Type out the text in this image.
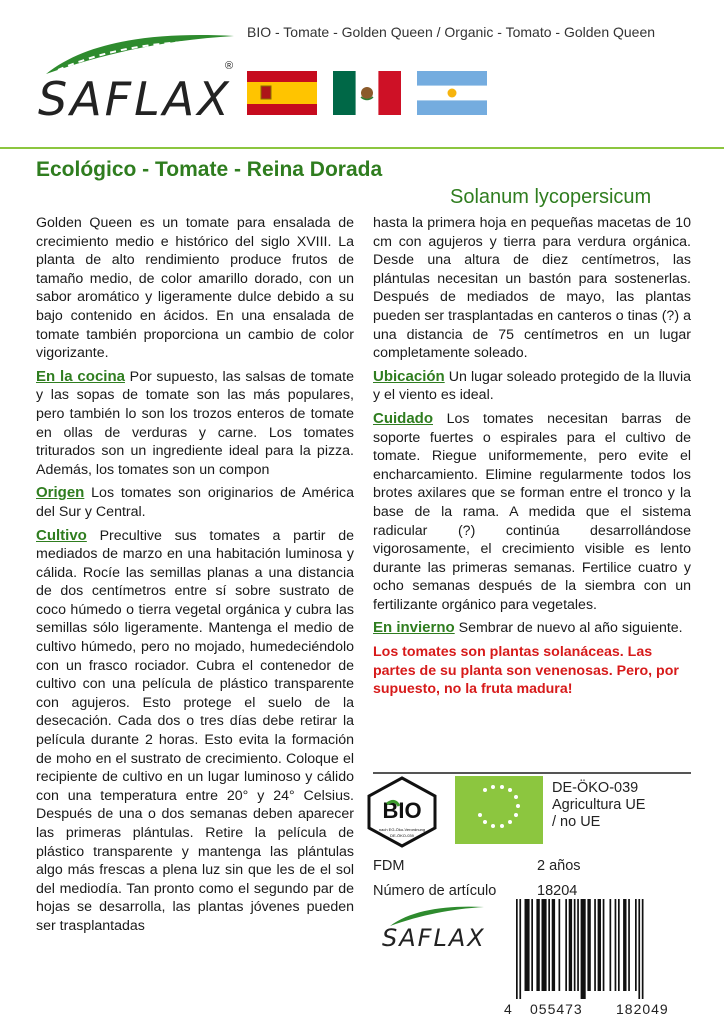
SAFLAX
®
BIO - Tomate - Golden Queen / Organic - Tomato - Golden Queen
Ecológico - Tomate - Reina Dorada
Solanum lycopersicum

Golden Queen es un tomate para ensalada de crecimiento medio e histórico del siglo XVIII. La planta de alto rendimiento produce frutos de tamaño medio, de color amarillo dorado, con un sabor aromático y ligeramente dulce debido a su bajo contenido en ácidos. En una ensalada de tomate también proporciona un cambio de color vigorizante.

En la cocina Por supuesto, las salsas de tomate y las sopas de tomate son las más populares, pero también lo son los trozos enteros de tomate en ollas de verduras y carne. Los tomates triturados son un ingrediente ideal para la pizza. Además, los tomates son un compon

Origen Los tomates son originarios de América del Sur y Central.

Cultivo Precultive sus tomates a partir de mediados de marzo en una habitación luminosa y cálida. Rocíe las semillas planas a una distancia de dos centímetros entre sí sobre sustrato de coco húmedo o tierra vegetal orgánica y cubra las semillas sólo ligeramente. Mantenga el medio de cultivo húmedo, pero no mojado, humedeciéndolo con un frasco rociador. Cubra el contenedor de cultivo con una película de plástico transparente con agujeros. Esto protege el suelo de la desecación. Cada dos o tres días debe retirar la película durante 2 horas. Esto evita la formación de moho en el sustrato de crecimiento. Coloque el recipiente de cultivo en un lugar luminoso y cálido con una temperatura entre 20° y 24° Celsius. Después de una o dos semanas deben aparecer las primeras plántulas. Retire la película de plástico transparente y mantenga las plántulas algo más frescas a plena luz sin que les de el sol del mediodía. Tan pronto como el segundo par de hojas se desarrolla, las plantas jóvenes pueden ser trasplantadas

hasta la primera hoja en pequeñas macetas de 10 cm con agujeros y tierra para verdura orgánica. Desde una altura de diez centímetros, las plántulas necesitan un bastón para sostenerlas. Después de mediados de mayo, las plantas pueden ser trasplantadas en canteros o tinas (?) a una distancia de 75 centímetros en un lugar completamente soleado.

Ubicación Un lugar soleado protegido de la lluvia y el viento es ideal.

Cuidado Los tomates necesitan barras de soporte fuertes o espirales para el cultivo de tomate. Riegue uniformemente, pero evite el encharcamiento. Elimine regularmente todos los brotes axilares que se forman entre el tronco y la base de la rama. A medida que el sistema radicular (?) continúa desarrollándose vigorosamente, el crecimiento visible es lento durante las primeras semanas. Fertilice cuatro y ocho semanas después de la siembra con un fertilizante orgánico para vegetales.

En invierno Sembrar de nuevo al año siguiente.

Los tomates son plantas solanáceas. Las partes de su planta son venenosas. Pero, por supuesto, no la fruta madura!

BIO
nach EG-Öko-Verordnung
DE-ÖKO-039
DE-ÖKO-039
Agricultura UE
/ no UE
FDM	2 años
Número de artículo	18204
SAFLAX
4 055473 182049
